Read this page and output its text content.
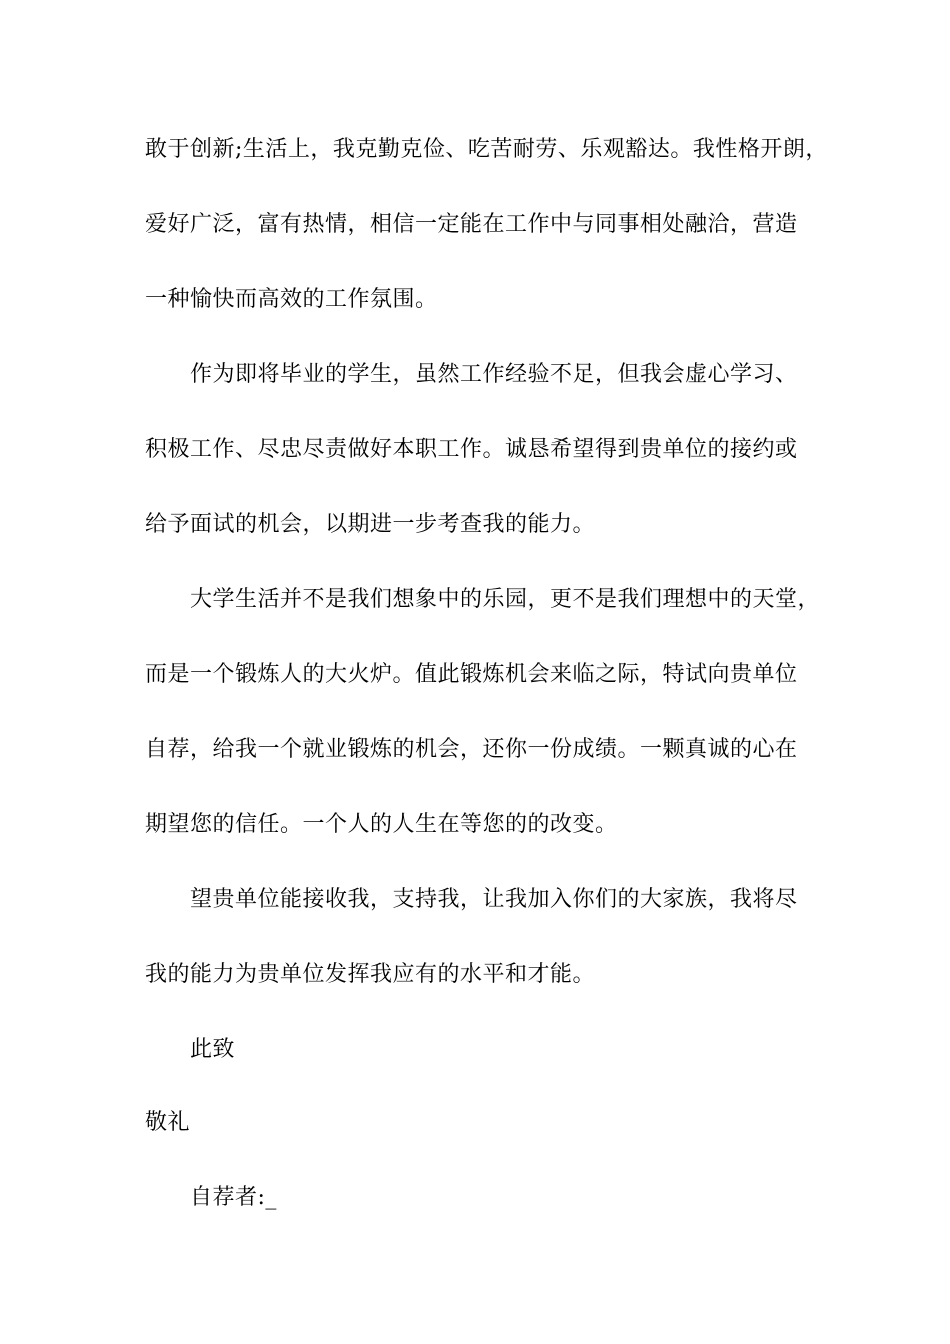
敢于创新;生活上，我克勤克俭、吃苦耐劳、乐观豁达。我性格开朗，
爱好广泛，富有热情，相信一定能在工作中与同事相处融洽，营造
一种愉快而高效的工作氛围。
作为即将毕业的学生，虽然工作经验不足，但我会虚心学习、
积极工作、尽忠尽责做好本职工作。诚恳希望得到贵单位的接约或
给予面试的机会，以期进一步考查我的能力。
大学生活并不是我们想象中的乐园，更不是我们理想中的天堂，
而是一个锻炼人的大火炉。值此锻炼机会来临之际，特试向贵单位
自荐，给我一个就业锻炼的机会，还你一份成绩。一颗真诚的心在
期望您的信任。一个人的人生在等您的的改变。
望贵单位能接收我，支持我，让我加入你们的大家族，我将尽
我的能力为贵单位发挥我应有的水平和才能。
此致
敬礼
自荐者:_
